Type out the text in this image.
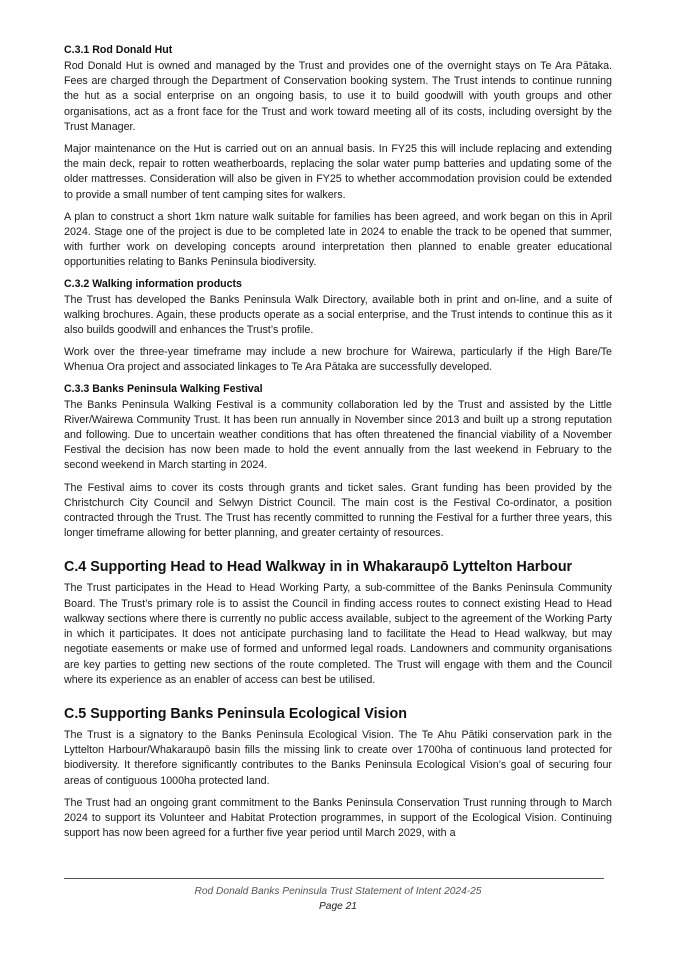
C.3.1 Rod Donald Hut

Rod Donald Hut is owned and managed by the Trust and provides one of the overnight stays on Te Ara Pātaka. Fees are charged through the Department of Conservation booking system. The Trust intends to continue running the hut as a social enterprise on an ongoing basis, to use it to build goodwill with youth groups and other organisations, act as a front face for the Trust and work toward meeting all of its costs, including oversight by the Trust Manager.

Major maintenance on the Hut is carried out on an annual basis. In FY25 this will include replacing and extending the main deck, repair to rotten weatherboards, replacing the solar water pump batteries and updating some of the older mattresses. Consideration will also be given in FY25 to whether accommodation provision could be extended to provide a small number of tent camping sites for walkers.

A plan to construct a short 1km nature walk suitable for families has been agreed, and work began on this in April 2024. Stage one of the project is due to be completed late in 2024 to enable the track to be opened that summer, with further work on developing concepts around interpretation then planned to enable greater educational opportunities relating to Banks Peninsula biodiversity.

C.3.2 Walking information products

The Trust has developed the Banks Peninsula Walk Directory, available both in print and on-line, and a suite of walking brochures. Again, these products operate as a social enterprise, and the Trust intends to continue this as it also builds goodwill and enhances the Trust’s profile.

Work over the three-year timeframe may include a new brochure for Wairewa, particularly if the High Bare/Te Whenua Ora project and associated linkages to Te Ara Pātaka are successfully developed.

C.3.3 Banks Peninsula Walking Festival

The Banks Peninsula Walking Festival is a community collaboration led by the Trust and assisted by the Little River/Wairewa Community Trust. It has been run annually in November since 2013 and built up a strong reputation and following. Due to uncertain weather conditions that has often threatened the financial viability of a November Festival the decision has now been made to hold the event annually from the last weekend in February to the second weekend in March starting in 2024.

The Festival aims to cover its costs through grants and ticket sales. Grant funding has been provided by the Christchurch City Council and Selwyn District Council. The main cost is the Festival Co-ordinator, a position contracted through the Trust. The Trust has recently committed to running the Festival for a further three years, this longer timeframe allowing for better planning, and greater certainty of resources.

C.4 Supporting Head to Head Walkway in in Whakaraupō Lyttelton Harbour

The Trust participates in the Head to Head Working Party, a sub-committee of the Banks Peninsula Community Board. The Trust’s primary role is to assist the Council in finding access routes to connect existing Head to Head walkway sections where there is currently no public access available, subject to the agreement of the Working Party in which it participates. It does not anticipate purchasing land to facilitate the Head to Head walkway, but may negotiate easements or make use of formed and unformed legal roads. Landowners and community organisations are key parties to getting new sections of the route completed. The Trust will engage with them and the Council where its experience as an enabler of access can best be utilised.

C.5 Supporting Banks Peninsula Ecological Vision

The Trust is a signatory to the Banks Peninsula Ecological Vision. The Te Ahu Pātiki conservation park in the Lyttelton Harbour/Whakaraupō basin fills the missing link to create over 1700ha of continuous land protected for biodiversity. It therefore significantly contributes to the Banks Peninsula Ecological Vision’s goal of securing four areas of contiguous 1000ha protected land.

The Trust had an ongoing grant commitment to the Banks Peninsula Conservation Trust running through to March 2024 to support its Volunteer and Habitat Protection programmes, in support of the Ecological Vision. Continuing support has now been agreed for a further five year period until March 2029, with a

Rod Donald Banks Peninsula Trust Statement of Intent 2024-25
Page 21
